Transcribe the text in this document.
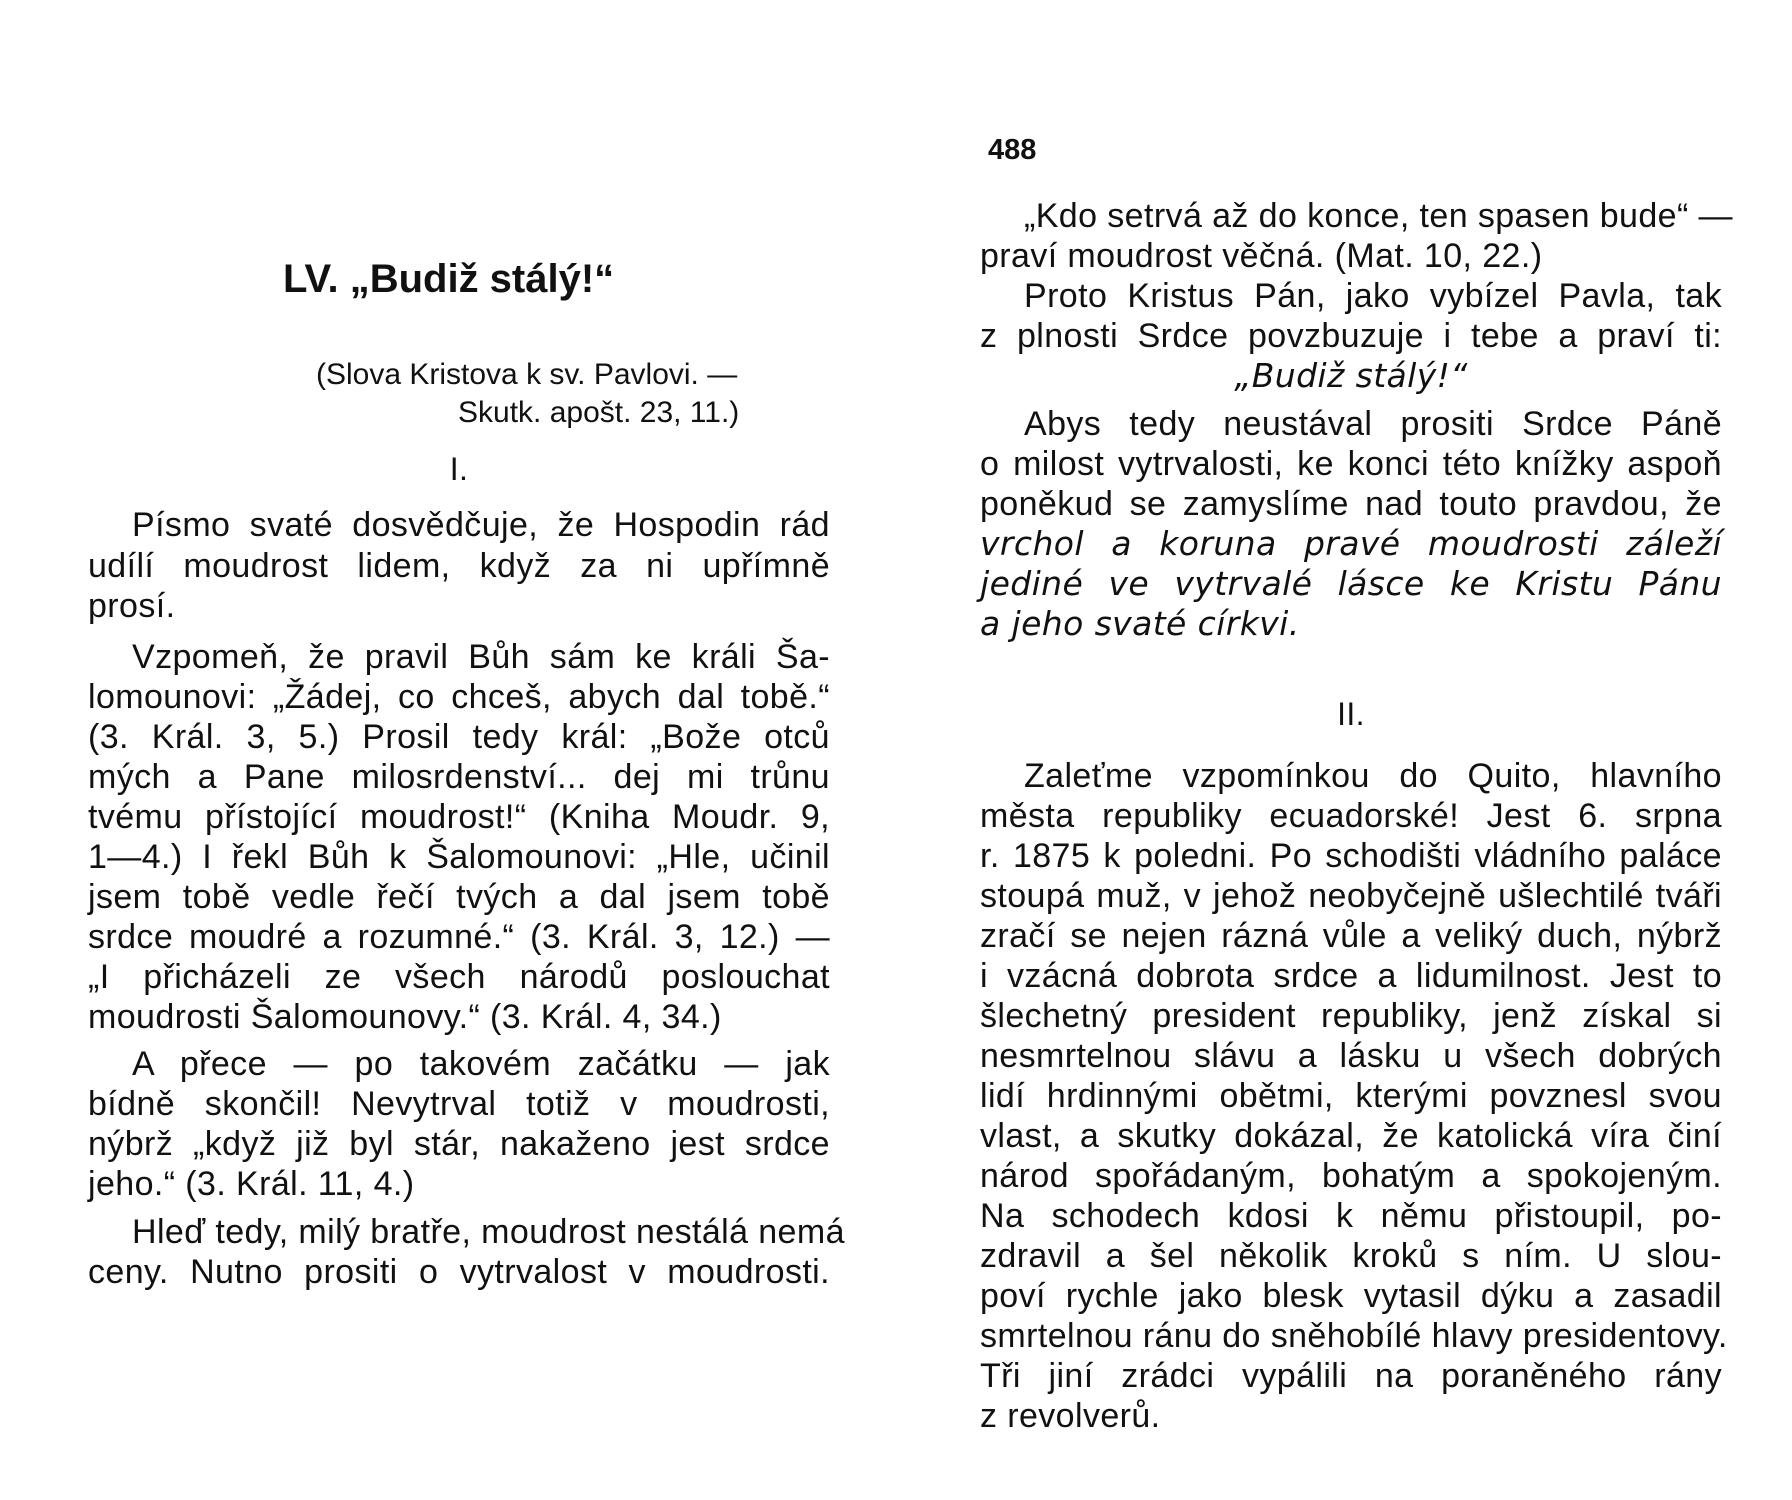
LV. „Budiž stálý!“
(Slova Kristova k sv. Pavlovi. —
Skutk. apošt. 23, 11.)
I.
Písmo svaté dosvědčuje, že Hospodin rád
udílí moudrost lidem, když za ni upřímně
prosí.
Vzpomeň, že pravil Bůh sám ke králi Ša-
lomounovi: „Žádej, co chceš, abych dal tobě.“
(3. Král. 3, 5.) Prosil tedy král: „Bože otců
mých a Pane milosrdenství... dej mi trůnu
tvému přístojící moudrost!“ (Kniha Moudr. 9,
1—4.) I řekl Bůh k Šalomounovi: „Hle, učinil
jsem tobě vedle řečí tvých a dal jsem tobě
srdce moudré a rozumné.“ (3. Král. 3, 12.) —
„I přicházeli ze všech národů poslouchat
moudrosti Šalomounovy.“ (3. Král. 4, 34.)
A přece — po takovém začátku — jak
bídně skončil! Nevytrval totiž v moudrosti,
nýbrž „když již byl stár, nakaženo jest srdce
jeho.“ (3. Král. 11, 4.)
Hleď tedy, milý bratře, moudrost nestálá nemá
ceny. Nutno prositi o vytrvalost v moudrosti.
488
„Kdo setrvá až do konce, ten spasen bude“ —
praví moudrost věčná. (Mat. 10, 22.)
Proto Kristus Pán, jako vybízel Pavla, tak
z plnosti Srdce povzbuzuje i tebe a praví ti:
„Budiž stálý!“
Abys tedy neustával prositi Srdce Páně
o milost vytrvalosti, ke konci této knížky aspoň
poněkud se zamyslíme nad touto pravdou, že
vrchol a koruna pravé moudrosti záleží
jediné ve vytrvalé lásce ke Kristu Pánu
a jeho svaté církvi.
II.
Zaleťme vzpomínkou do Quito, hlavního
města republiky ecuadorské! Jest 6. srpna
r. 1875 k poledni. Po schodišti vládního paláce
stoupá muž, v jehož neobyčejně ušlechtilé tváři
zračí se nejen rázná vůle a veliký duch, nýbrž
i vzácná dobrota srdce a lidumilnost. Jest to
šlechetný president republiky, jenž získal si
nesmrtelnou slávu a lásku u všech dobrých
lidí hrdinnými obětmi, kterými povznesl svou
vlast, a skutky dokázal, že katolická víra činí
národ spořádaným, bohatým a spokojeným.
Na schodech kdosi k němu přistoupil, po-
zdravil a šel několik kroků s ním. U slou-
poví rychle jako blesk vytasil dýku a zasadil
smrtelnou ránu do sněhobílé hlavy presidentovy.
Tři jiní zrádci vypálili na poraněného rány
z revolverů.
